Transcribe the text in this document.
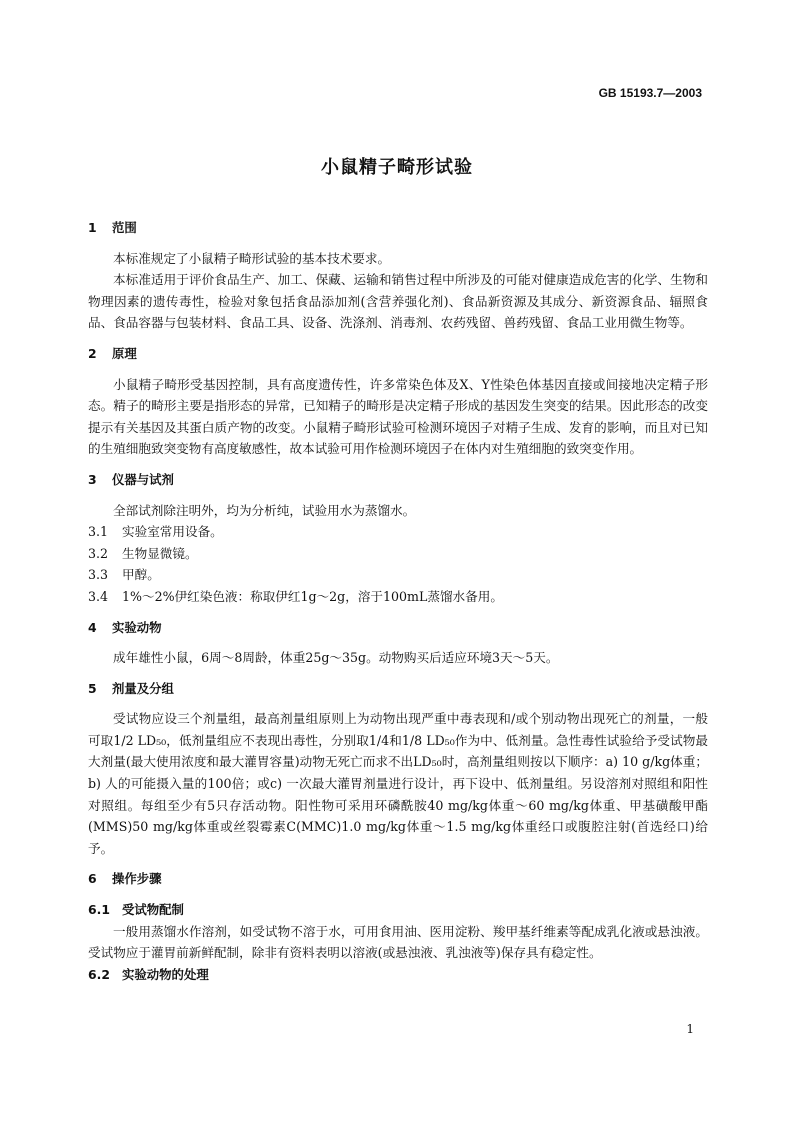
GB 15193.7—2003
小鼠精子畸形试验
1 范围

本标准规定了小鼠精子畸形试验的基本技术要求。

本标准适用于评价食品生产、加工、保藏、运输和销售过程中所涉及的可能对健康造成危害的化学、生物和物理因素的遗传毒性，检验对象包括食品添加剂(含营养强化剂)、食品新资源及其成分、新资源食品、辐照食品、食品容器与包装材料、食品工具、设备、洗涤剂、消毒剂、农药残留、兽药残留、食品工业用微生物等。

2 原理

小鼠精子畸形受基因控制，具有高度遗传性，许多常染色体及X、Y性染色体基因直接或间接地决定精子形态。精子的畸形主要是指形态的异常，已知精子的畸形是决定精子形成的基因发生突变的结果。因此形态的改变提示有关基因及其蛋白质产物的改变。小鼠精子畸形试验可检测环境因子对精子生成、发育的影响，而且对已知的生殖细胞致突变物有高度敏感性，故本试验可用作检测环境因子在体内对生殖细胞的致突变作用。

3 仪器与试剂

全部试剂除注明外，均为分析纯，试验用水为蒸馏水。

3.1 实验室常用设备。

3.2 生物显微镜。

3.3 甲醇。

3.4 1%～2%伊红染色液：称取伊红1g～2g，溶于100mL蒸馏水备用。

4 实验动物

成年雄性小鼠，6周～8周龄，体重25g～35g。动物购买后适应环境3天～5天。

5 剂量及分组

受试物应设三个剂量组，最高剂量组原则上为动物出现严重中毒表现和/或个别动物出现死亡的剂量，一般可取1/2 LD₅₀，低剂量组应不表现出毒性，分别取1/4和1/8 LD₅₀作为中、低剂量。急性毒性试验给予受试物最大剂量(最大使用浓度和最大灌胃容量)动物无死亡而求不出LD₅₀时，高剂量组则按以下顺序：a) 10 g/kg体重；b) 人的可能摄入量的100倍；或c) 一次最大灌胃剂量进行设计，再下设中、低剂量组。另设溶剂对照组和阳性对照组。每组至少有5只存活动物。阳性物可采用环磷酰胺40 mg/kg体重～60 mg/kg体重、甲基磺酸甲酯(MMS)50 mg/kg体重或丝裂霉素C(MMC)1.0 mg/kg体重～1.5 mg/kg体重经口或腹腔注射(首选经口)给予。

6 操作步骤
6.1 受试物配制

一般用蒸馏水作溶剂，如受试物不溶于水，可用食用油、医用淀粉、羧甲基纤维素等配成乳化液或悬浊液。受试物应于灌胃前新鲜配制，除非有资料表明以溶液(或悬浊液、乳浊液等)保存具有稳定性。

6.2 实验动物的处理
1
